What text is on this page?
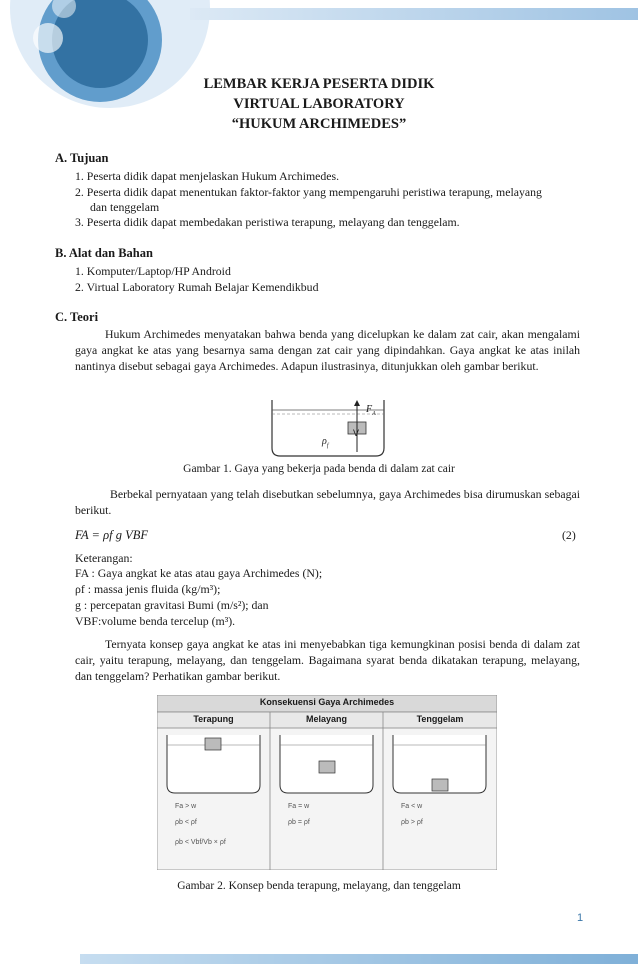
LEMBAR KERJA PESERTA DIDIK
VIRTUAL LABORATORY
“HUKUM ARCHIMEDES”
A. Tujuan
1. Peserta didik dapat menjelaskan Hukum Archimedes.
2. Peserta didik dapat menentukan faktor-faktor yang mempengaruhi peristiwa terapung, melayang
dan tenggelam
3. Peserta didik dapat membedakan peristiwa terapung, melayang dan tenggelam.
B. Alat dan Bahan
1. Komputer/Laptop/HP Android
2. Virtual Laboratory Rumah Belajar Kemendikbud
C. Teori
Hukum Archimedes menyatakan bahwa benda yang dicelupkan ke dalam zat cair, akan mengalami gaya angkat ke atas yang besarnya sama dengan zat cair yang dipindahkan. Gaya angkat ke atas inilah nantinya disebut sebagai gaya Archimedes. Adapun ilustrasinya, ditunjukkan oleh gambar berikut.
V
$F_A$
$\rho_f$
Gambar 1. Gaya yang bekerja pada benda di dalam zat cair
Berbekal pernyataan yang telah disebutkan sebelumnya, gaya Archimedes bisa dirumuskan sebagai berikut.
FA = ρf g VBF	(2)
Keterangan:
FA : Gaya angkat ke atas atau gaya Archimedes (N);
ρf : massa jenis fluida (kg/m³);
g : percepatan gravitasi Bumi (m/s²); dan
VBF:volume benda tercelup (m³).
Ternyata konsep gaya angkat ke atas ini menyebabkan tiga kemungkinan posisi benda di dalam zat cair, yaitu terapung, melayang, dan tenggelam. Bagaimana syarat benda dikatakan terapung, melayang, dan tenggelam? Perhatikan gambar berikut.
Konsekuensi Gaya Archimedes
Terapung	Melayang	Tenggelam
Fa > w
ρb < ρf
ρb < Vbf/Vb × ρf
Fa = w
ρb = ρf
Fa < w
ρb > ρf
Gambar 2. Konsep benda terapung, melayang, dan tenggelam
1
